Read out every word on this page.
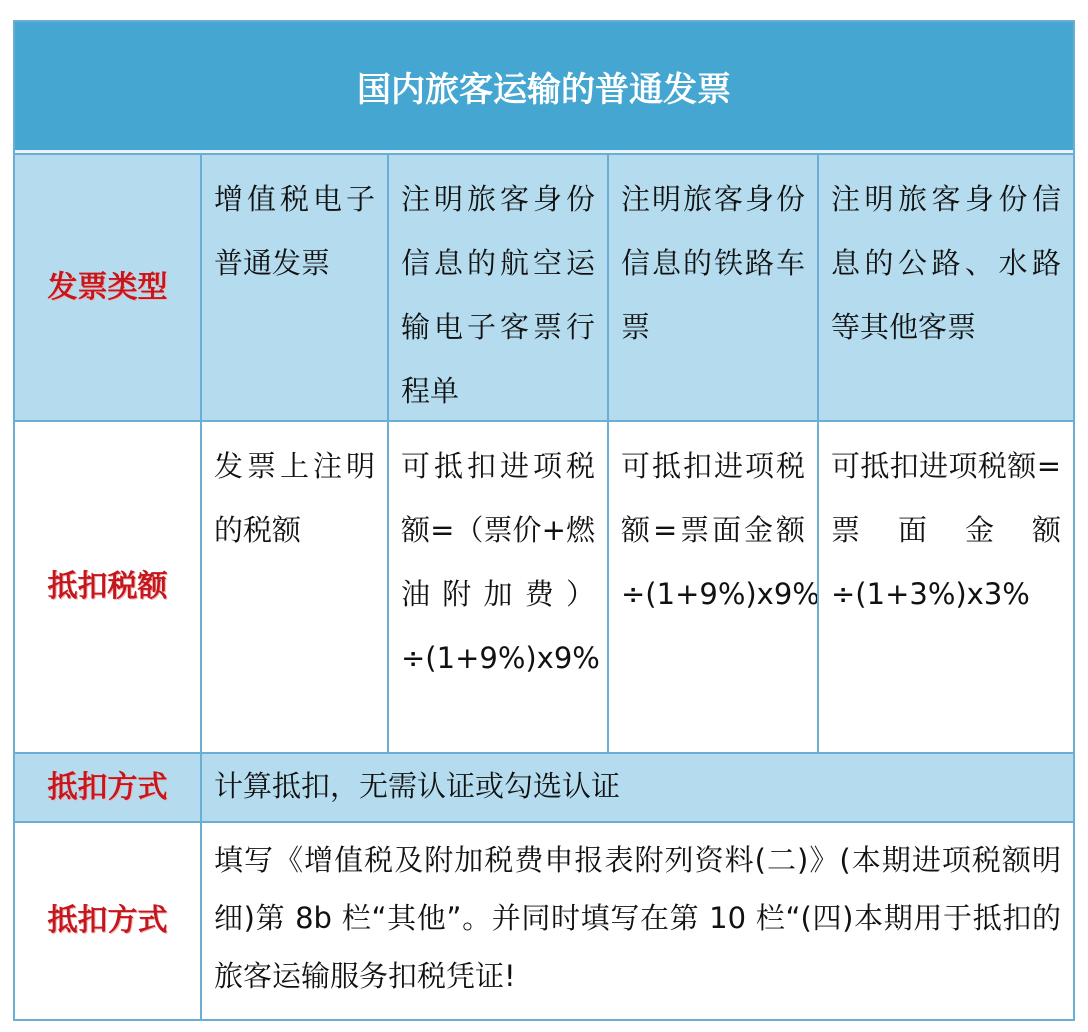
国内旅客运输的普通发票
发票类型
增值税电子普通发票
注明旅客身份信息的航空运输电子客票行程单
注明旅客身份信息的铁路车票
注明旅客身份信息的公路、水路等其他客票
抵扣税额
发票上注明的税额
可抵扣进项税额=（票价+燃油附加费）÷(1+9%)x9%
可抵扣进项税额=票面金额÷(1+9%)x9%
可抵扣进项税额=票面金额÷(1+3%)x3%
抵扣方式	计算抵扣，无需认证或勾选认证
抵扣方式
填写《增值税及附加税费申报表附列资料(二)》(本期进项税额明细)第 8b 栏“其他”。并同时填写在第 10 栏“(四)本期用于抵扣的旅客运输服务扣税凭证!
